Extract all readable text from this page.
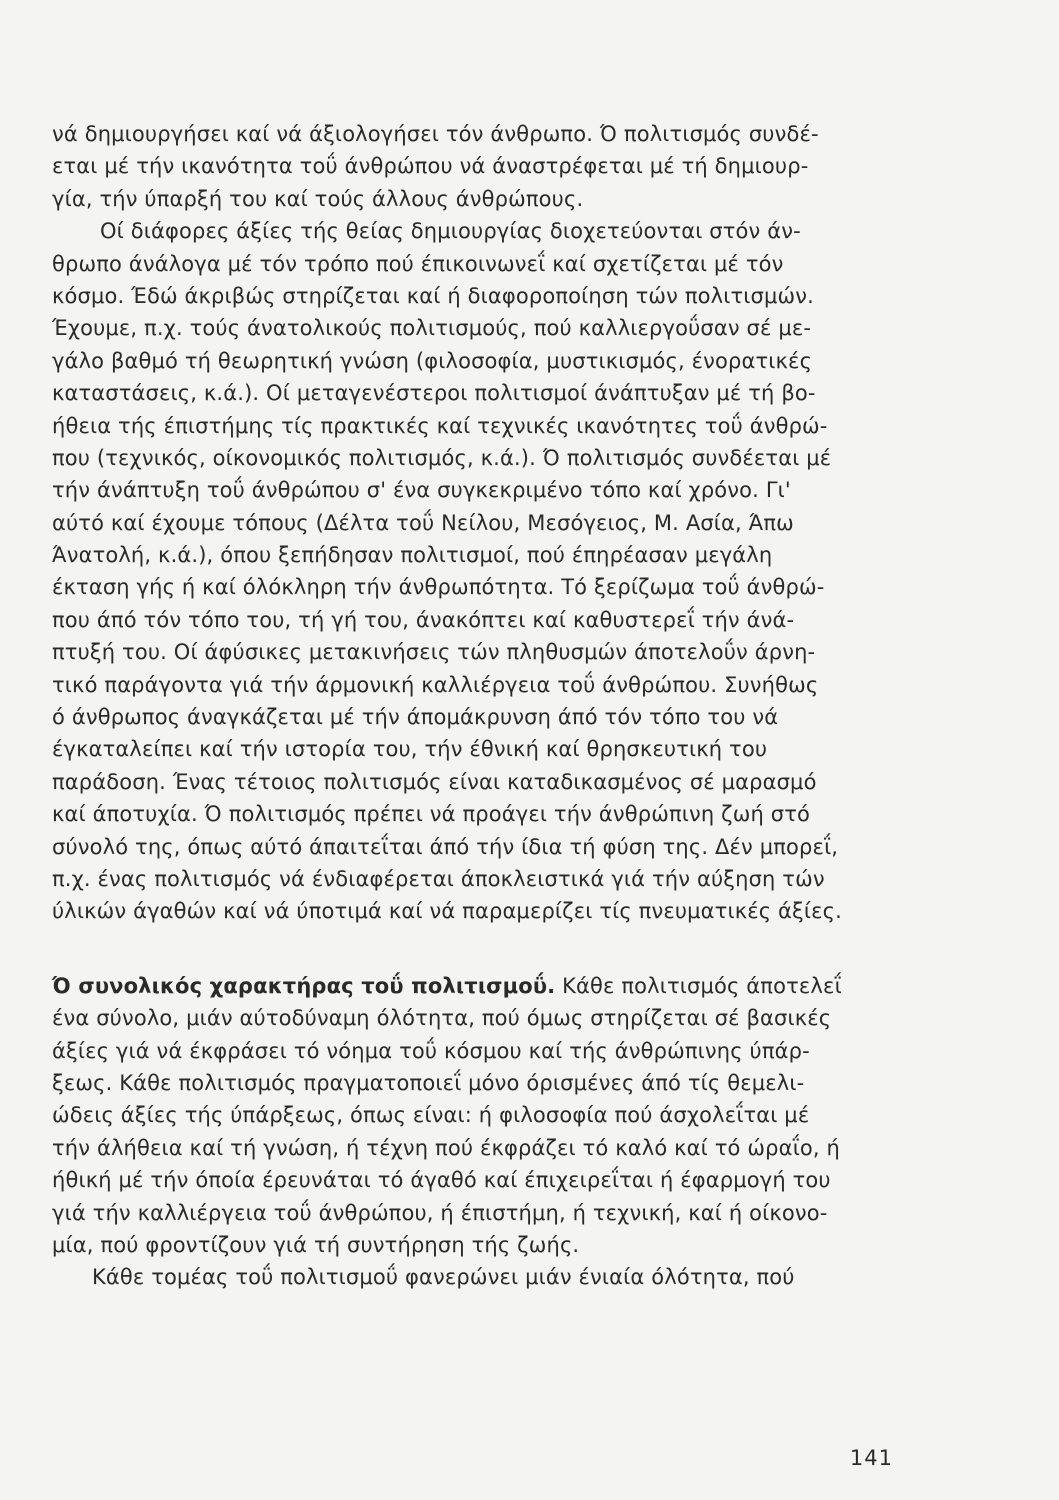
νά δημιουργήσει καί νά άξιολογήσει τόν άνθρωπο. Ό πολιτισμός συνδέ-
εται μέ τήν ικανότητα τοΰ άνθρώπου νά άναστρέφεται μέ τή δημιουρ-
γία, τήν ύπαρξή του καί τούς άλλους άνθρώπους.
Οί διάφορες άξίες τής θείας δημιουργίας διοχετεύονται στόν άν-
θρωπο άνάλογα μέ τόν τρόπο πού έπικοινωνεΐ καί σχετίζεται μέ τόν
κόσμο. Έδώ άκριβώς στηρίζεται καί ή διαφοροποίηση τών πολιτισμών.
Έχουμε, π.χ. τούς άνατολικούς πολιτισμούς, πού καλλιεργοΰσαν σέ με-
γάλο βαθμό τή θεωρητική γνώση (φιλοσοφία, μυστικισμός, ένορατικές
καταστάσεις, κ.ά.). Οί μεταγενέστεροι πολιτισμοί άνάπτυξαν μέ τή βο-
ήθεια τής έπιστήμης τίς πρακτικές καί τεχνικές ικανότητες τοΰ άνθρώ-
που (τεχνικός, οίκονομικός πολιτισμός, κ.ά.). Ό πολιτισμός συνδέεται μέ
τήν άνάπτυξη τοΰ άνθρώπου σ' ένα συγκεκριμένο τόπο καί χρόνο. Γι'
αύτό καί έχουμε τόπους (Δέλτα τοΰ Νείλου, Μεσόγειος, Μ. Ασία, Άπω
Άνατολή, κ.ά.), όπου ξεπήδησαν πολιτισμοί, πού έπηρέασαν μεγάλη
έκταση γής ή καί όλόκληρη τήν άνθρωπότητα. Τό ξερίζωμα τοΰ άνθρώ-
που άπό τόν τόπο του, τή γή του, άνακόπτει καί καθυστερεΐ τήν άνά-
πτυξή του. Οί άφύσικες μετακινήσεις τών πληθυσμών άποτελοΰν άρνη-
τικό παράγοντα γιά τήν άρμονική καλλιέργεια τοΰ άνθρώπου. Συνήθως
ό άνθρωπος άναγκάζεται μέ τήν άπομάκρυνση άπό τόν τόπο του νά
έγκαταλείπει καί τήν ιστορία του, τήν έθνική καί θρησκευτική του
παράδοση. Ένας τέτοιος πολιτισμός είναι καταδικασμένος σέ μαρασμό
καί άποτυχία. Ό πολιτισμός πρέπει νά προάγει τήν άνθρώπινη ζωή στό
σύνολό της, όπως αύτό άπαιτεΐται άπό τήν ίδια τή φύση της. Δέν μπορεΐ,
π.χ. ένας πολιτισμός νά ένδιαφέρεται άποκλειστικά γιά τήν αύξηση τών
ύλικών άγαθών καί νά ύποτιμά καί νά παραμερίζει τίς πνευματικές άξίες.
Ό συνολικός χαρακτήρας τοΰ πολιτισμοΰ. Κάθε πολιτισμός άποτελεΐ
ένα σύνολο, μιάν αύτοδύναμη όλότητα, πού όμως στηρίζεται σέ βασικές
άξίες γιά νά έκφράσει τό νόημα τοΰ κόσμου καί τής άνθρώπινης ύπάρ-
ξεως. Κάθε πολιτισμός πραγματοποιεΐ μόνο όρισμένες άπό τίς θεμελι-
ώδεις άξίες τής ύπάρξεως, όπως είναι: ή φιλοσοφία πού άσχολεΐται μέ
τήν άλήθεια καί τή γνώση, ή τέχνη πού έκφράζει τό καλό καί τό ώραΐο, ή
ήθική μέ τήν όποία έρευνάται τό άγαθό καί έπιχειρεΐται ή έφαρμογή του
γιά τήν καλλιέργεια τοΰ άνθρώπου, ή έπιστήμη, ή τεχνική, καί ή οίκονο-
μία, πού φροντίζουν γιά τή συντήρηση τής ζωής.
Κάθε τομέας τοΰ πολιτισμοΰ φανερώνει μιάν ένιαία όλότητα, πού
141
